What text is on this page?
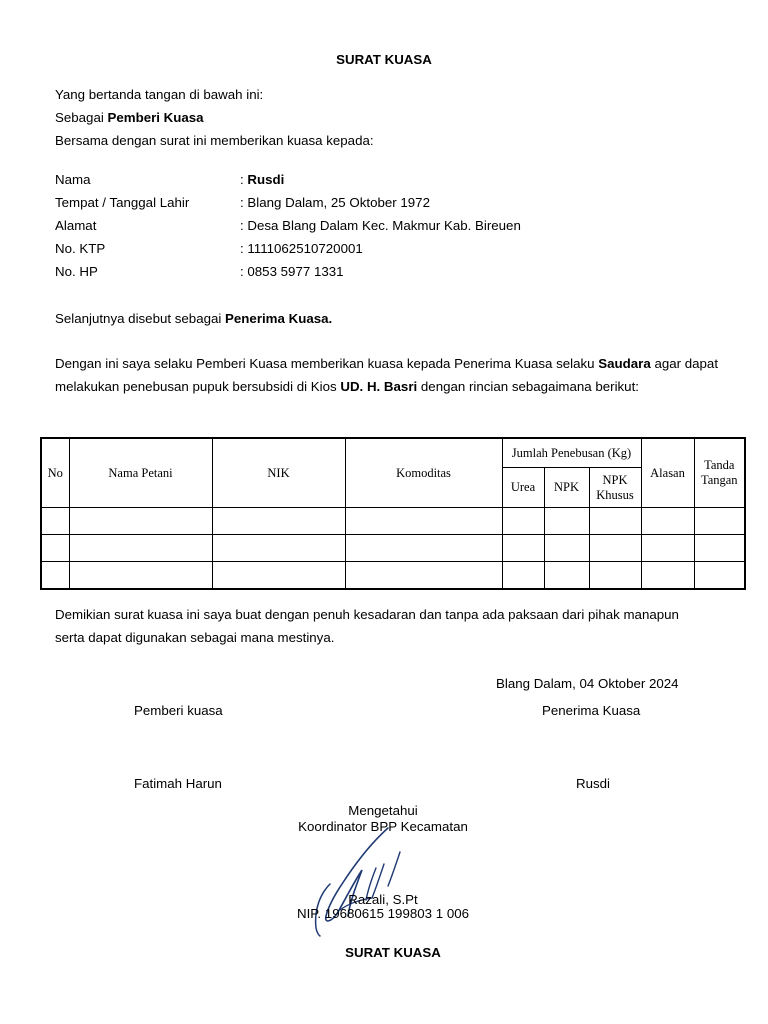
SURAT KUASA
Yang bertanda tangan di bawah ini:
Sebagai Pemberi Kuasa
Bersama dengan surat ini memberikan kuasa kepada:
Nama	: Rusdi
Tempat / Tanggal Lahir	: Blang Dalam, 25 Oktober 1972
Alamat	: Desa Blang Dalam Kec. Makmur Kab. Bireuen
No. KTP	: 1111062510720001
No. HP	: 0853 5977 1331
Selanjutnya disebut sebagai Penerima Kuasa.
Dengan ini saya selaku Pemberi Kuasa memberikan kuasa kepada Penerima Kuasa selaku Saudara agar dapat melakukan penebusan pupuk bersubsidi di Kios UD. H. Basri dengan rincian sebagaimana berikut:
No	Nama Petani	NIK	Komoditas	Jumlah Penebusan (Kg)			Alasan	Tanda
Tangan

				Urea	NPK	NPK
Khusus		

Demikian surat kuasa ini saya buat dengan penuh kesadaran dan tanpa ada paksaan dari pihak manapun
serta dapat digunakan sebagai mana mestinya.
Blang Dalam, 04 Oktober 2024
Pemberi kuasa	Penerima Kuasa
Fatimah Harun	Rusdi
Mengetahui
Koordinator BPP Kecamatan
Razali, S.Pt
NIP. 19680615 199803 1 006
SURAT KUASA
